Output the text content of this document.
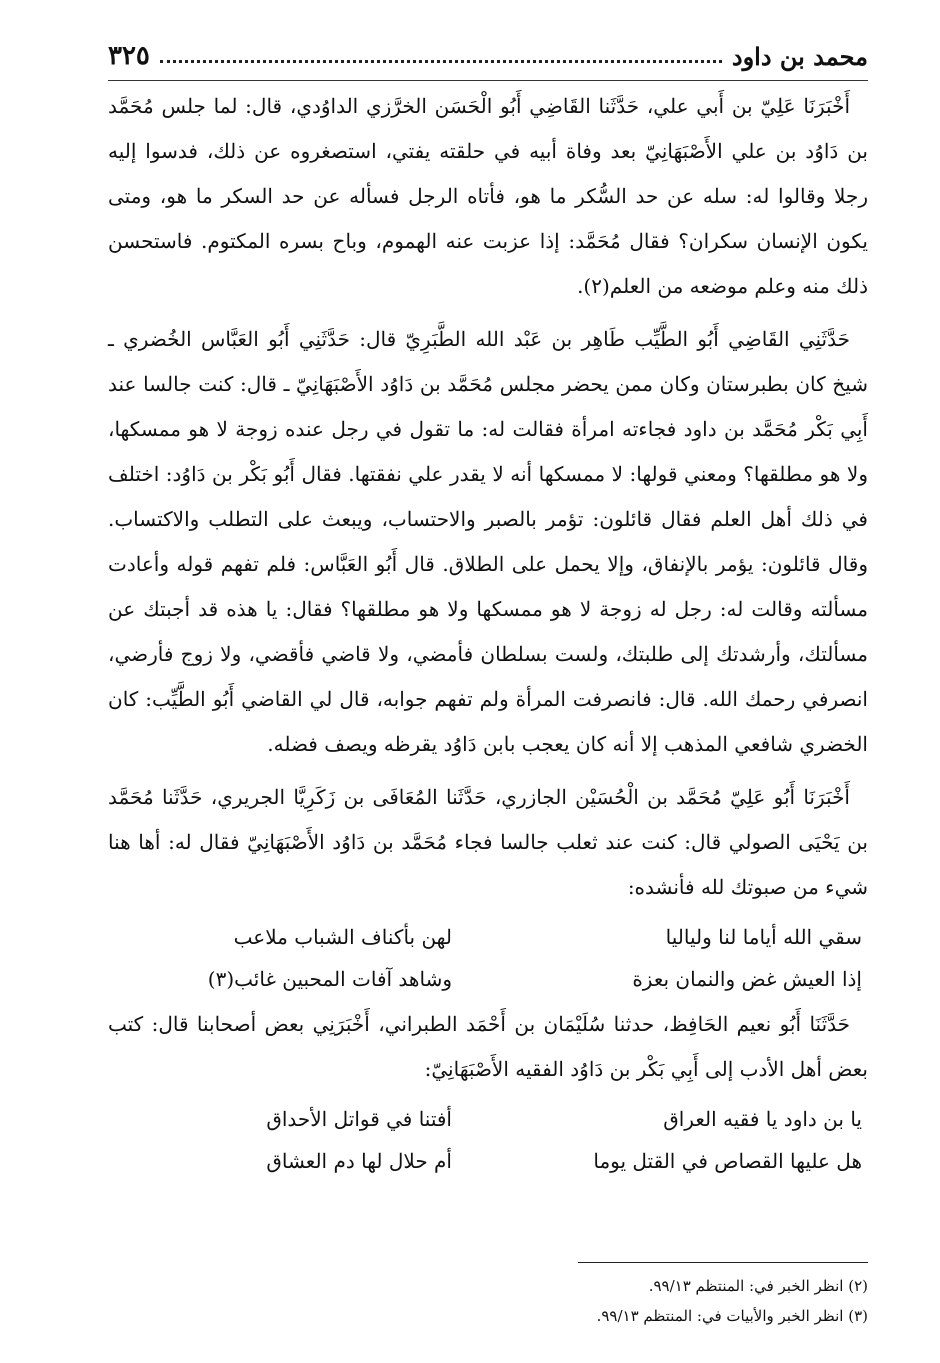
محمد بن داود
٣٢٥

أَخْبَرَنَا عَلِيّ بن أَبي علي، حَدَّثَنا القَاضِي أَبُو الْحَسَن الخرَّزي الداوُدي، قال: لما جلس مُحَمَّد بن دَاوُد بن علي الأَصْبَهَانِيّ بعد وفاة أبيه في حلقته يفتي، استصغروه عن ذلك، فدسوا إليه رجلا وقالوا له: سله عن حد السُّكر ما هو، فأتاه الرجل فسأله عن حد السكر ما هو، ومتى يكون الإنسان سكران؟ فقال مُحَمَّد: إذا عزبت عنه الهموم، وباح بسره المكتوم. فاستحسن ذلك منه وعلم موضعه من العلم(٢).

حَدَّثَنِي القَاضِي أَبُو الطَّيِّب طَاهِر بن عَبْد الله الطَّبَرِيّ قال: حَدَّثَنِي أَبُو العَبَّاس الخُضري ـ شيخ كان بطبرستان وكان ممن يحضر مجلس مُحَمَّد بن دَاوُد الأَصْبَهَانِيّ ـ قال: كنت جالسا عند أَبِي بَكْر مُحَمَّد بن داود فجاءته امرأة فقالت له: ما تقول في رجل عنده زوجة لا هو ممسكها، ولا هو مطلقها؟ ومعني قولها: لا ممسكها أنه لا يقدر علي نفقتها. فقال أَبُو بَكْر بن دَاوُد: اختلف في ذلك أهل العلم فقال قائلون: تؤمر بالصبر والاحتساب، ويبعث على التطلب والاكتساب. وقال قائلون: يؤمر بالإنفاق، وإلا يحمل على الطلاق. قال أَبُو العَبَّاس: فلم تفهم قوله وأعادت مسألته وقالت له: رجل له زوجة لا هو ممسكها ولا هو مطلقها؟ فقال: يا هذه قد أجبتك عن مسألتك، وأرشدتك إلى طلبتك، ولست بسلطان فأمضي، ولا قاضي فأقضي، ولا زوج فأرضي، انصرفي رحمك الله. قال: فانصرفت المرأة ولم تفهم جوابه، قال لي القاضي أَبُو الطَّيِّب: كان الخضري شافعي المذهب إلا أنه كان يعجب بابن دَاوُد يقرظه ويصف فضله.

أَخْبَرَنَا أَبُو عَلِيّ مُحَمَّد بن الْحُسَيْن الجازري، حَدَّثَنا المُعَافَى بن زَكَرِيَّا الجريري، حَدَّثَنا مُحَمَّد بن يَحْيَى الصولي قال: كنت عند ثعلب جالسا فجاء مُحَمَّد بن دَاوُد الأَصْبَهَانِيّ فقال له: أها هنا شيء من صبوتك لله فأنشده:

سقي الله أياما لنا ولياليا
لهن بأكناف الشباب ملاعب
إذا العيش غض والنمان بعزة
وشاهد آفات المحبين غائب(٣)

حَدَّثَنَا أَبُو نعيم الحَافِظ، حدثنا سُلَيْمَان بن أَحْمَد الطبراني، أَخْبَرَنِي بعض أصحابنا قال: كتب بعض أهل الأدب إلى أَبِي بَكْر بن دَاوُد الفقيه الأَصْبَهَانِيّ:

يا بن داود يا فقيه العراق
أفتنا في قواتل الأحداق
هل عليها القصاص في القتل يوما
أم حلال لها دم العشاق

(٢) انظر الخبر في: المنتظم ٩٩/١٣.

(٣) انظر الخبر والأبيات في: المنتظم ٩٩/١٣.
